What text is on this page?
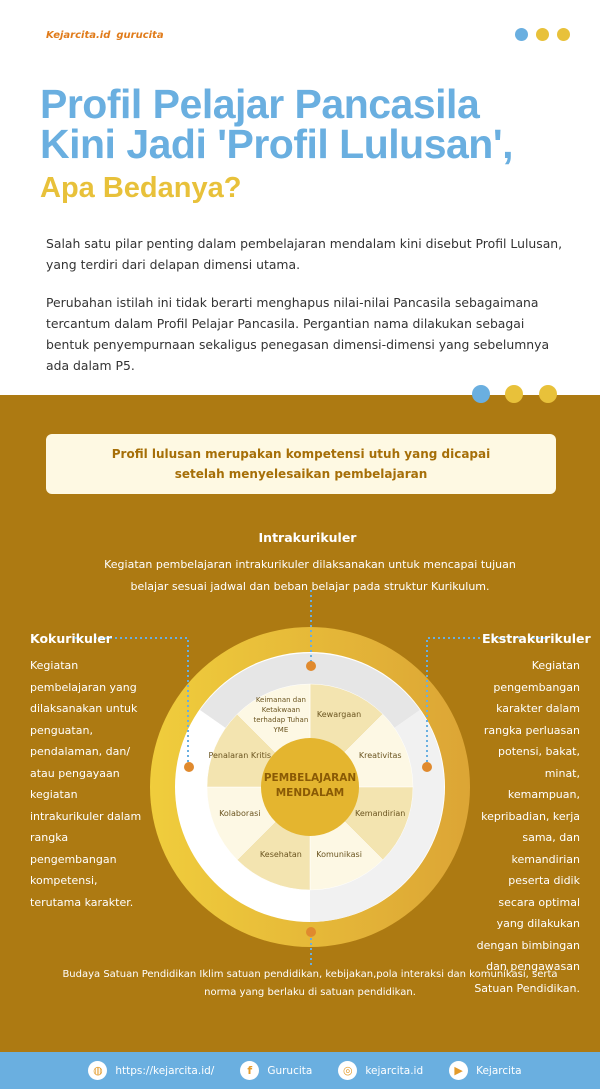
Kejarcita.id gurucita
Profil Pelajar Pancasila
Kini Jadi 'Profil Lulusan',
Apa Bedanya?
Salah satu pilar penting dalam pembelajaran mendalam kini disebut Profil Lulusan, yang terdiri dari delapan dimensi utama.
Perubahan istilah ini tidak berarti menghapus nilai-nilai Pancasila sebagaimana tercantum dalam Profil Pelajar Pancasila. Pergantian nama dilakukan sebagai bentuk penyempurnaan sekaligus penegasan dimensi-dimensi yang sebelumnya ada dalam P5.
Profil lulusan merupakan kompetensi utuh yang dicapai
setelah menyelesaikan pembelajaran
Intrakurikuler
Kegiatan pembelajaran intrakurikuler dilaksanakan untuk mencapai tujuan belajar sesuai jadwal dan beban belajar pada struktur Kurikulum.
Kokurikuler
Kegiatan pembelajaran yang dilaksanakan untuk penguatan, pendalaman, dan/ atau pengayaan kegiatan intrakurikuler dalam rangka pengembangan kompetensi, terutama karakter.
Ekstrakurikuler
Kegiatan pengembangan karakter dalam rangka perluasan potensi, bakat, minat, kemampuan, kepribadian, kerja sama, dan kemandirian peserta didik secara optimal yang dilakukan dengan bimbingan dan pengawasan Satuan Pendidikan.
PEMBELAJARAN MENDALAM
Kewargaan
Kreativitas
Kemandirian
Komunikasi
Kesehatan
Kolaborasi
Penalaran Kritis
Keimanan dan Ketakwaan terhadap Tuhan YME
Budaya Satuan Pendidikan Iklim satuan pendidikan, kebijakan,pola interaksi dan komunikasi, serta norma yang berlaku di satuan pendidikan.
◍	https://kejarcita.id/	f	Gurucita	◎	kejarcita.id	▶	Kejarcita
